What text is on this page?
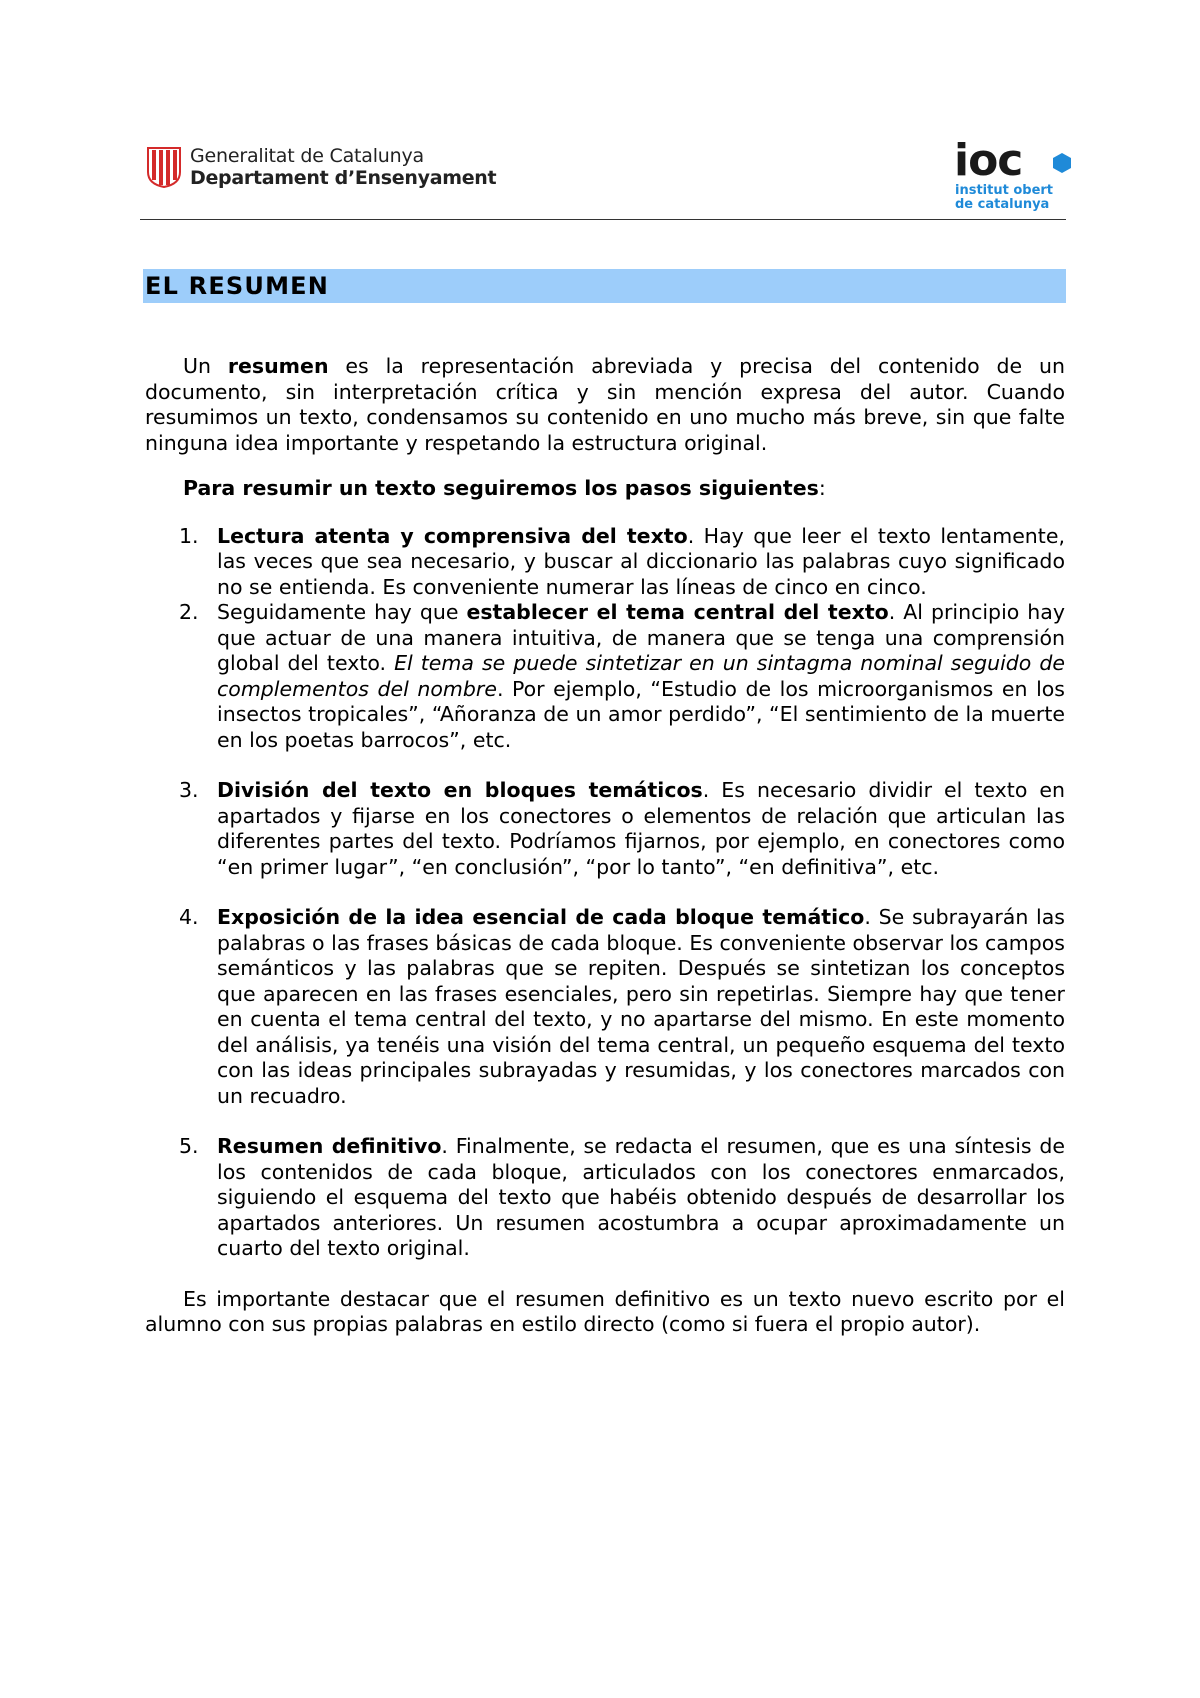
Generalitat de Catalunya
Departament d’Ensenyament	ioc
institut obert
de catalunya
EL RESUMEN

Un resumen es la representación abreviada y precisa del contenido de un documento, sin interpretación crítica y sin mención expresa del autor. Cuando resumimos un texto, condensamos su contenido en uno mucho más breve, sin que falte ninguna idea importante y respetando la estructura original.

Para resumir un texto seguiremos los pasos siguientes:

1. Lectura atenta y comprensiva del texto. Hay que leer el texto lentamente, las veces que sea necesario, y buscar al diccionario las palabras cuyo significado no se entienda. Es conveniente numerar las líneas de cinco en cinco.
2. Seguidamente hay que establecer el tema central del texto. Al principio hay que actuar de una manera intuitiva, de manera que se tenga una comprensión global del texto. El tema se puede sintetizar en un sintagma nominal seguido de complementos del nombre. Por ejemplo, “Estudio de los microorganismos en los insectos tropicales”, “Añoranza de un amor perdido”, “El sentimiento de la muerte en los poetas barrocos”, etc.
3. División del texto en bloques temáticos. Es necesario dividir el texto en apartados y fijarse en los conectores o elementos de relación que articulan las diferentes partes del texto. Podríamos fijarnos, por ejemplo, en conectores como “en primer lugar”, “en conclusión”, “por lo tanto”, “en definitiva”, etc.
4. Exposición de la idea esencial de cada bloque temático. Se subrayarán las palabras o las frases básicas de cada bloque. Es conveniente observar los campos semánticos y las palabras que se repiten. Después se sintetizan los conceptos que aparecen en las frases esenciales, pero sin repetirlas. Siempre hay que tener en cuenta el tema central del texto, y no apartarse del mismo. En este momento del análisis, ya tenéis una visión del tema central, un pequeño esquema del texto con las ideas principales subrayadas y resumidas, y los conectores marcados con un recuadro.
5. Resumen definitivo. Finalmente, se redacta el resumen, que es una síntesis de los contenidos de cada bloque, articulados con los conectores enmarcados, siguiendo el esquema del texto que habéis obtenido después de desarrollar los apartados anteriores. Un resumen acostumbra a ocupar aproximadamente un cuarto del texto original.

Es importante destacar que el resumen definitivo es un texto nuevo escrito por el alumno con sus propias palabras en estilo directo (como si fuera el propio autor).
